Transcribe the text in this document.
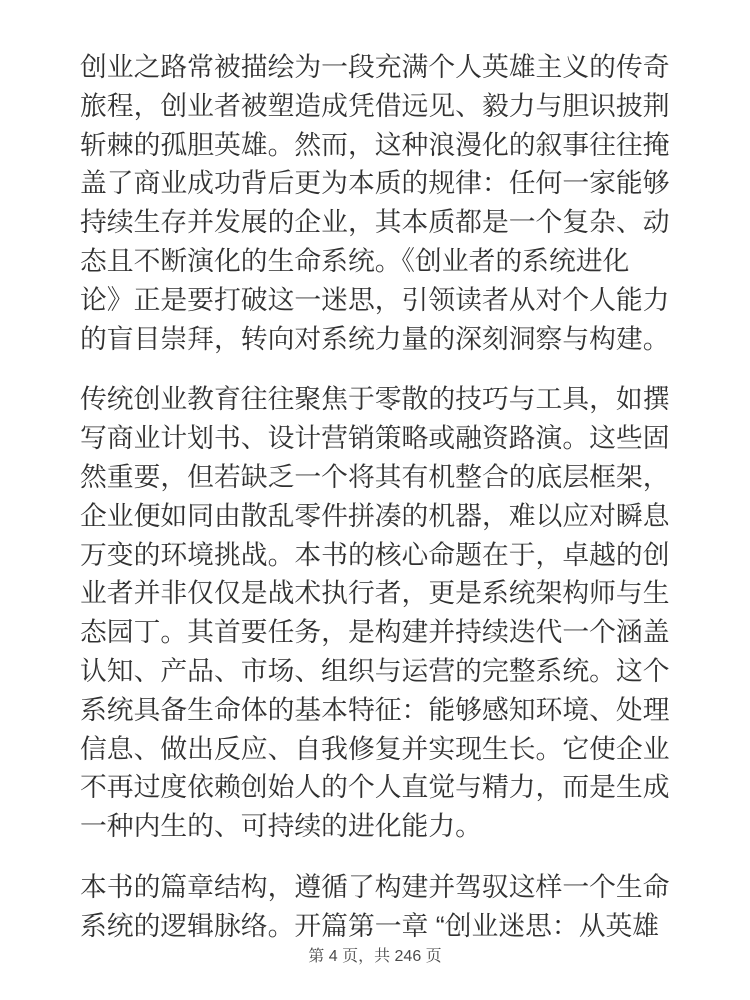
创业之路常被描绘为一段充满个人英雄主义的传奇
旅程，创业者被塑造成凭借远见、毅力与胆识披荆
斩棘的孤胆英雄。然而，这种浪漫化的叙事往往掩
盖了商业成功背后更为本质的规律：任何一家能够
持续生存并发展的企业，其本质都是一个复杂、动
态且不断演化的生命系统。《创业者的系统进化
论》正是要打破这一迷思，引领读者从对个人能力
的盲目崇拜，转向对系统力量的深刻洞察与构建。
传统创业教育往往聚焦于零散的技巧与工具，如撰
写商业计划书、设计营销策略或融资路演。这些固
然重要，但若缺乏一个将其有机整合的底层框架，
企业便如同由散乱零件拼凑的机器，难以应对瞬息
万变的环境挑战。本书的核心命题在于，卓越的创
业者并非仅仅是战术执行者，更是系统架构师与生
态园丁。其首要任务，是构建并持续迭代一个涵盖
认知、产品、市场、组织与运营的完整系统。这个
系统具备生命体的基本特征：能够感知环境、处理
信息、做出反应、自我修复并实现生长。它使企业
不再过度依赖创始人的个人直觉与精力，而是生成
一种内生的、可持续的进化能力。
本书的篇章结构，遵循了构建并驾驭这样一个生命
系统的逻辑脉络。开篇第一章 “创业迷思：从英雄
第 4 页，共 246 页
